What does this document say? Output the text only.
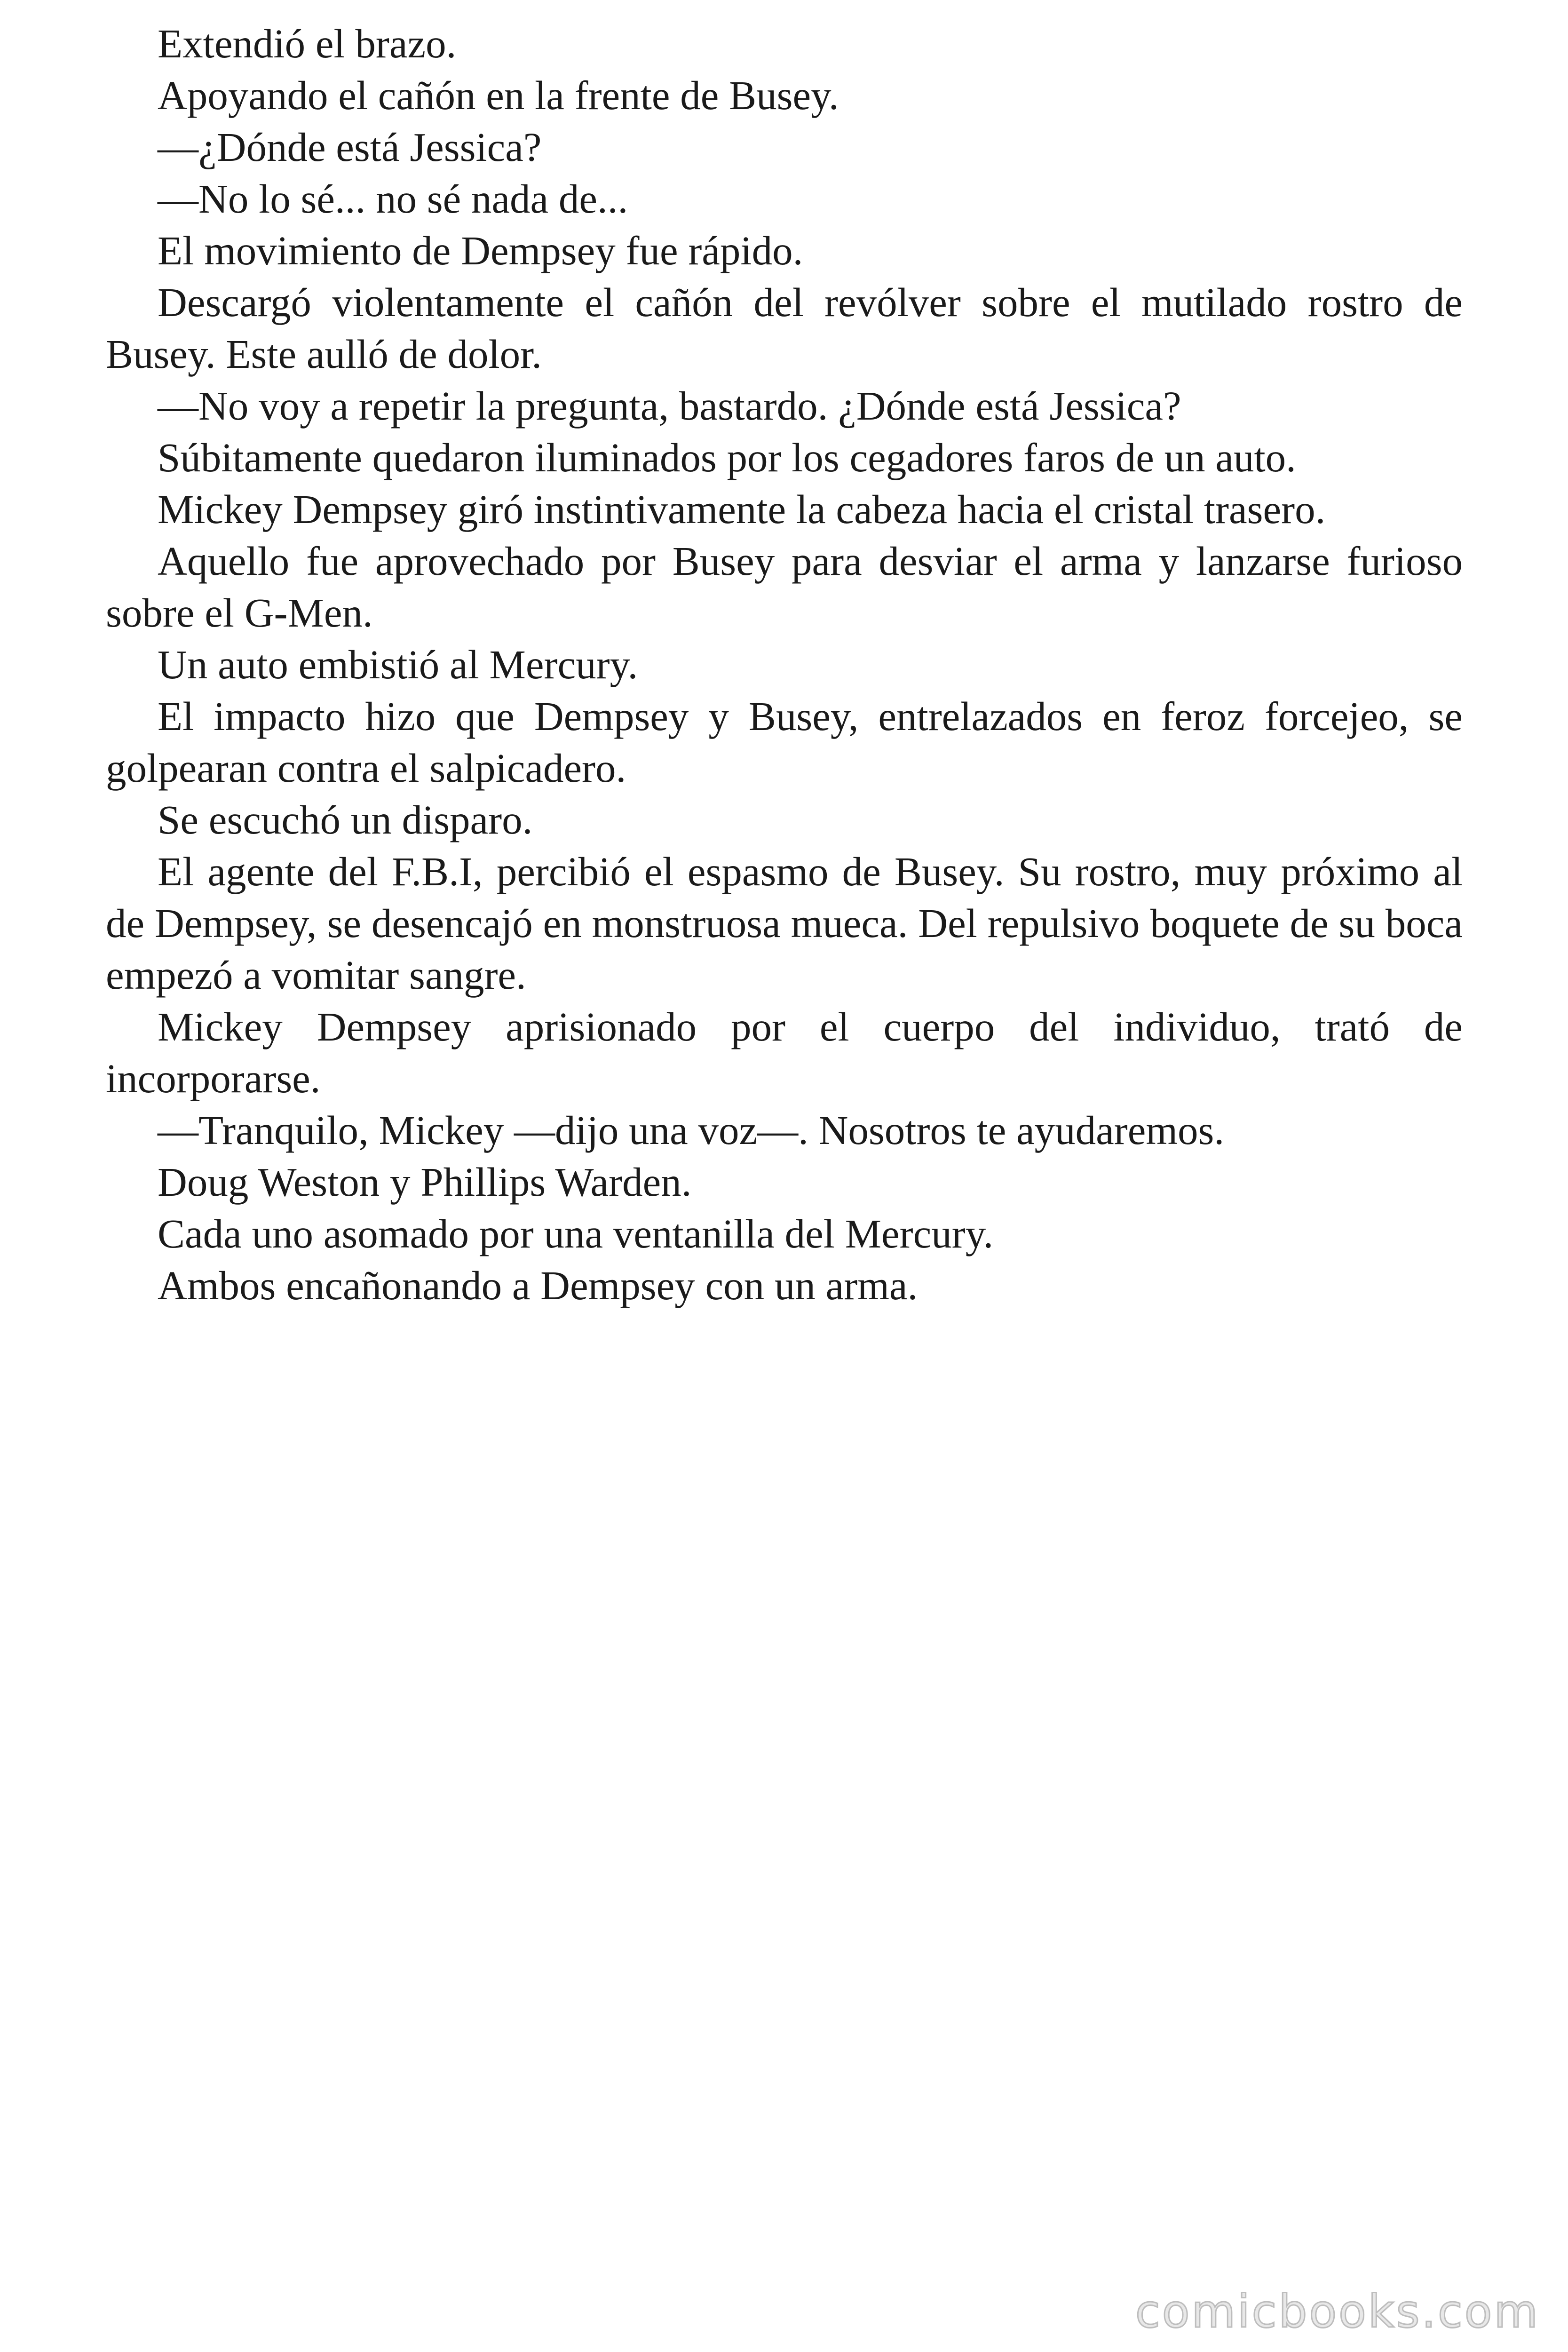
Extendió el brazo.

Apoyando el cañón en la frente de Busey.

—¿Dónde está Jessica?

—No lo sé... no sé nada de...

El movimiento de Dempsey fue rápido.

Descargó violentamente el cañón del revólver sobre el mutilado rostro de Busey. Este aulló de dolor.

—No voy a repetir la pregunta, bastardo. ¿Dónde está Jessica?

Súbitamente quedaron iluminados por los cegadores faros de un auto.

Mickey Dempsey giró instintivamente la cabeza hacia el cristal trasero.

Aquello fue aprovechado por Busey para desviar el arma y lanzarse furioso sobre el G-Men.

Un auto embistió al Mercury.

El impacto hizo que Dempsey y Busey, entrelazados en feroz forcejeo, se golpearan contra el salpicadero.

Se escuchó un disparo.

El agente del F.B.I, percibió el espasmo de Busey. Su rostro, muy próximo al de Dempsey, se desencajó en monstruosa mueca. Del repulsivo boquete de su boca empezó a vomitar sangre.

Mickey Dempsey aprisionado por el cuerpo del individuo, trató de incorporarse.

—Tranquilo, Mickey —dijo una voz—. Nosotros te ayudaremos.

Doug Weston y Phillips Warden.

Cada uno asomado por una ventanilla del Mercury.

Ambos encañonando a Dempsey con un arma.

comicbooks.com
